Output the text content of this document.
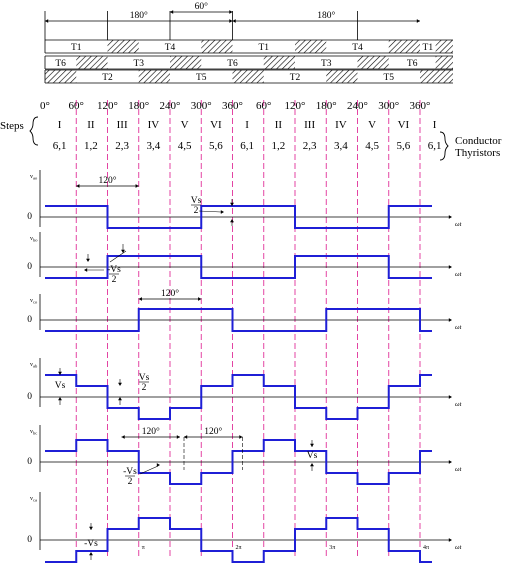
180°
60°
180°
T1	T4	T1	T4	T1
T6	T3	T6	T3	T6
T2	T5	T2	T5
0° 60° 120° 180° 240° 300° 360° 60° 120° 180° 240° 300° 360°
Steps	I II III IV V VI I II III IV V VI I
6,1 1,2 2,3 3,4 4,5 5,6 6,1 1,2 2,3 3,4 4,5 5,6 6,1 Conductor
Thyristors
$v_{ao}$
0
ωt
$v_{bo}$
0
ωt
$v_{co}$
0
ωt
$v_{ab}$
0
ωt
$v_{bc}$
0
ωt
$v_{ca}$
0
ωt
π	2π	3π	4π
120°
Vs
2
-Vs
2
120°
Vs
Vs
2
120°	120°
Vs
-Vs
2
-Vs
